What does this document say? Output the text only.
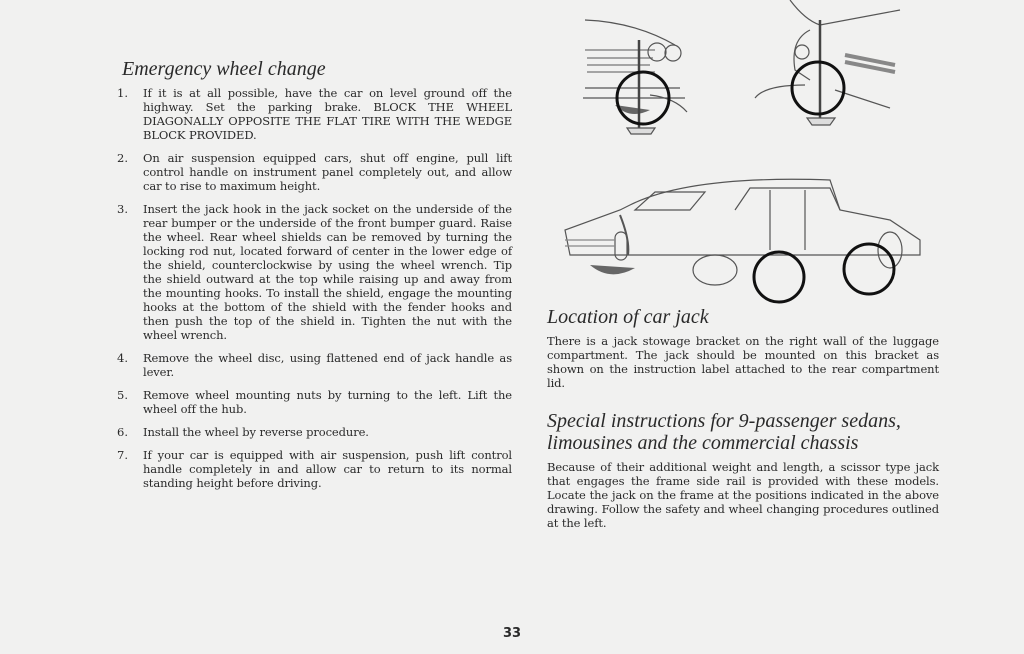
Emergency wheel change
1.	If it is at all possible, have the car on level ground off the highway. Set the parking brake. BLOCK THE WHEEL DIAGONALLY OPPOSITE THE FLAT TIRE WITH THE WEDGE BLOCK PROVIDED.
2.	On air suspension equipped cars, shut off engine, pull lift control handle on instrument panel completely out, and allow car to rise to maximum height.
3.	Insert the jack hook in the jack socket on the underside of the rear bumper or the underside of the front bumper guard. Raise the wheel. Rear wheel shields can be removed by turning the locking rod nut, located forward of center in the lower edge of the shield, counterclockwise by using the wheel wrench. Tip the shield outward at the top while raising up and away from the mounting hooks. To install the shield, engage the mounting hooks at the bottom of the shield with the fender hooks and then push the top of the shield in. Tighten the nut with the wheel wrench.
4.	Remove the wheel disc, using flattened end of jack handle as lever.
5.	Remove wheel mounting nuts by turning to the left. Lift the wheel off the hub.
6.	Install the wheel by reverse procedure.
7.	If your car is equipped with air suspension, push lift control handle completely in and allow car to return to its normal standing height before driving.
Location of car jack

There is a jack stowage bracket on the right wall of the luggage compartment. The jack should be mounted on this bracket as shown on the instruction label attached to the rear compartment lid.

Special instructions for 9-passenger sedans, limousines and the commercial chassis

Because of their additional weight and length, a scissor type jack that engages the frame side rail is provided with these models. Locate the jack on the frame at the positions indicated in the above drawing. Follow the safety and wheel changing procedures outlined at the left.

33
